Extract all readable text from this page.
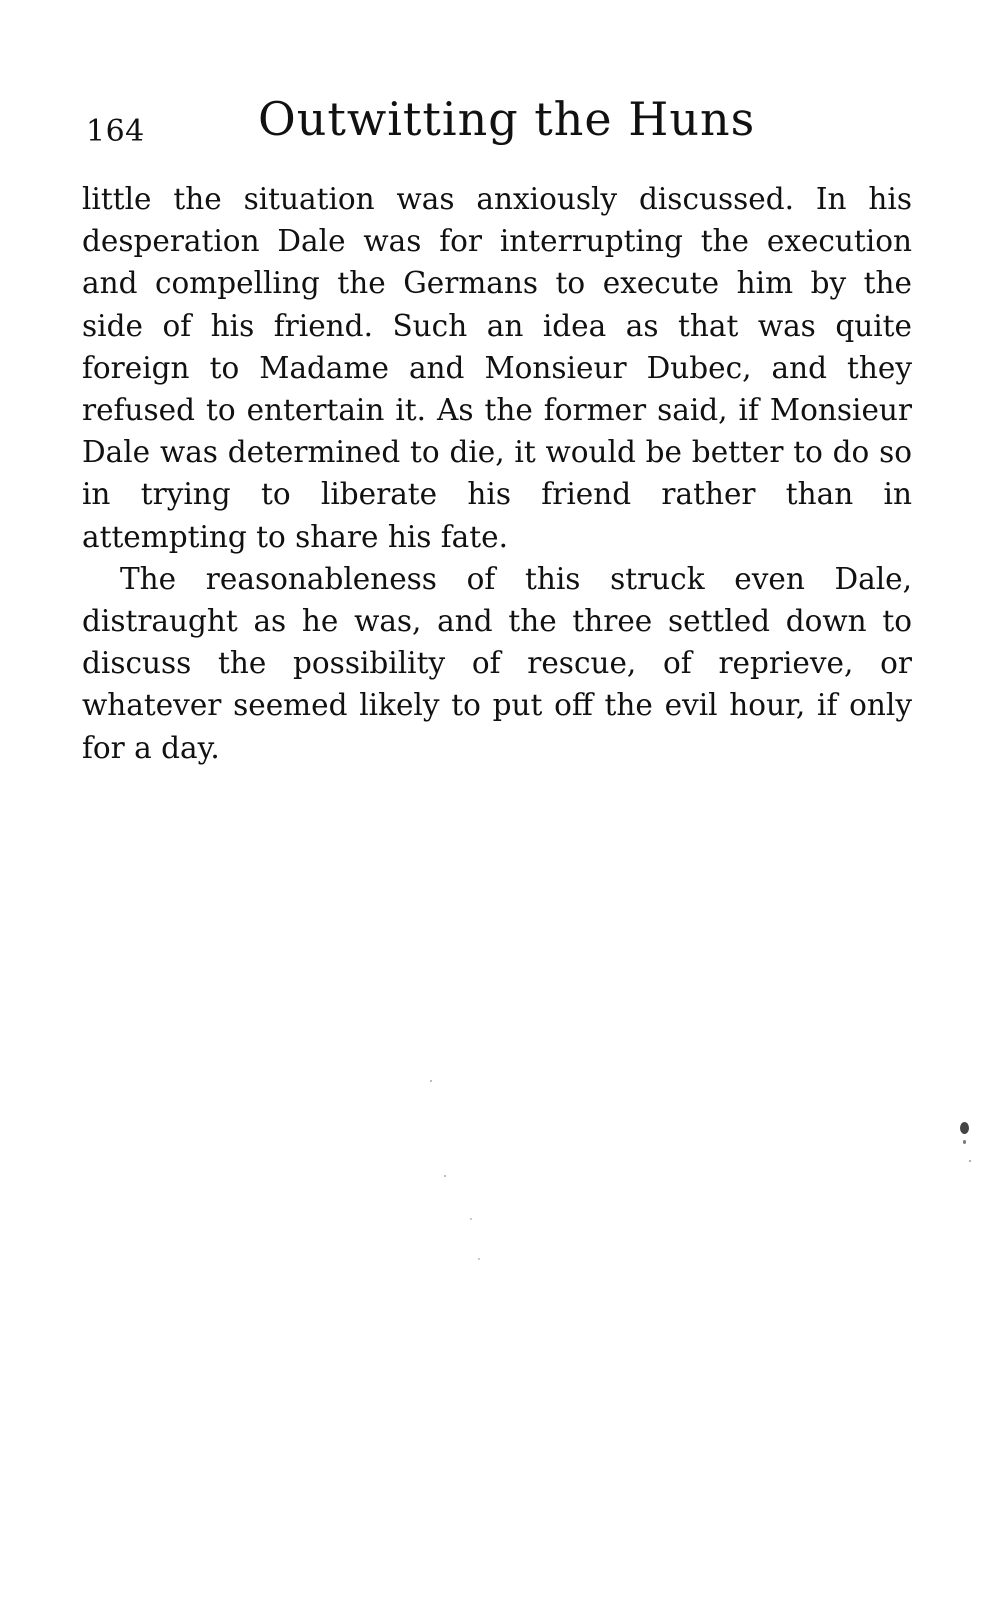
164 Outwitting the Huns

little the situation was anxiously discussed. In his desperation Dale was for interrupting the execution and compelling the Germans to execute him by the side of his friend. Such an idea as that was quite foreign to Madame and Monsieur Dubec, and they refused to entertain it. As the former said, if Monsieur Dale was determined to die, it would be better to do so in trying to liberate his friend rather than in attempting to share his fate.

The reasonableness of this struck even Dale, distraught as he was, and the three settled down to discuss the possibility of rescue, of reprieve, or whatever seemed likely to put off the evil hour, if only for a day.
